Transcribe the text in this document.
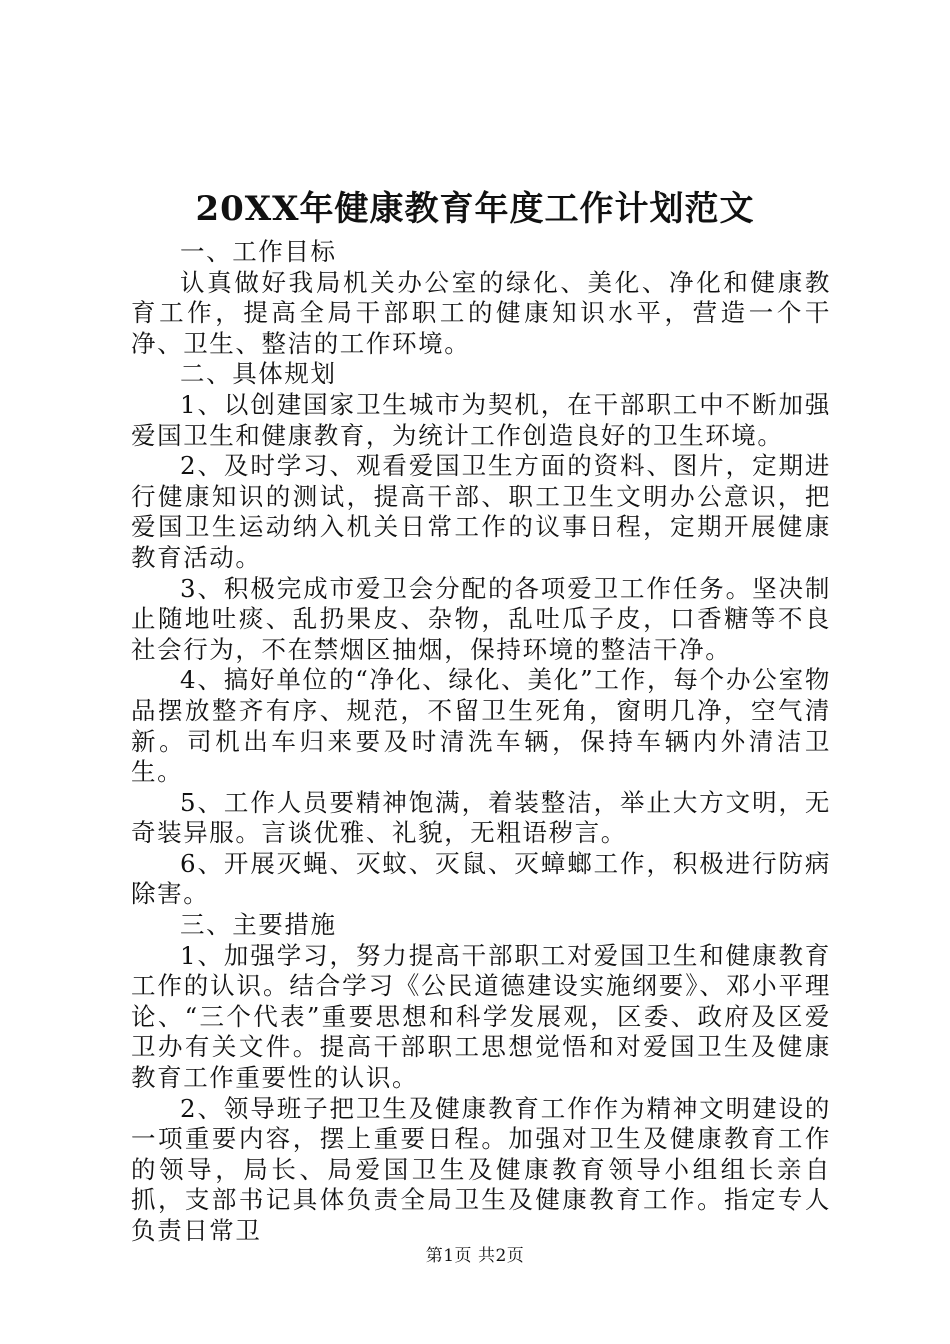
20XX年健康教育年度工作计划范文

一、工作目标

认真做好我局机关办公室的绿化、美化、净化和健康教育工作，提高全局干部职工的健康知识水平，营造一个干净、卫生、整洁的工作环境。

二、具体规划

1、以创建国家卫生城市为契机，在干部职工中不断加强爱国卫生和健康教育，为统计工作创造良好的卫生环境。

2、及时学习、观看爱国卫生方面的资料、图片，定期进行健康知识的测试，提高干部、职工卫生文明办公意识，把爱国卫生运动纳入机关日常工作的议事日程，定期开展健康教育活动。

3、积极完成市爱卫会分配的各项爱卫工作任务。坚决制止随地吐痰、乱扔果皮、杂物，乱吐瓜子皮，口香糖等不良社会行为，不在禁烟区抽烟，保持环境的整洁干净。

4、搞好单位的“净化、绿化、美化”工作，每个办公室物品摆放整齐有序、规范，不留卫生死角，窗明几净，空气清新。司机出车归来要及时清洗车辆，保持车辆内外清洁卫生。

5、工作人员要精神饱满，着装整洁，举止大方文明，无奇装异服。言谈优雅、礼貌，无粗语秽言。

6、开展灭蝇、灭蚊、灭鼠、灭蟑螂工作，积极进行防病除害。

三、主要措施

1、加强学习，努力提高干部职工对爱国卫生和健康教育工作的认识。结合学习《公民道德建设实施纲要》、邓小平理论、“三个代表”重要思想和科学发展观，区委、政府及区爱卫办有关文件。提高干部职工思想觉悟和对爱国卫生及健康教育工作重要性的认识。

2、领导班子把卫生及健康教育工作作为精神文明建设的一项重要内容，摆上重要日程。加强对卫生及健康教育工作的领导，局长、局爱国卫生及健康教育领导小组组长亲自抓，支部书记具体负责全局卫生及健康教育工作。指定专人负责日常卫

第1页 共2页
